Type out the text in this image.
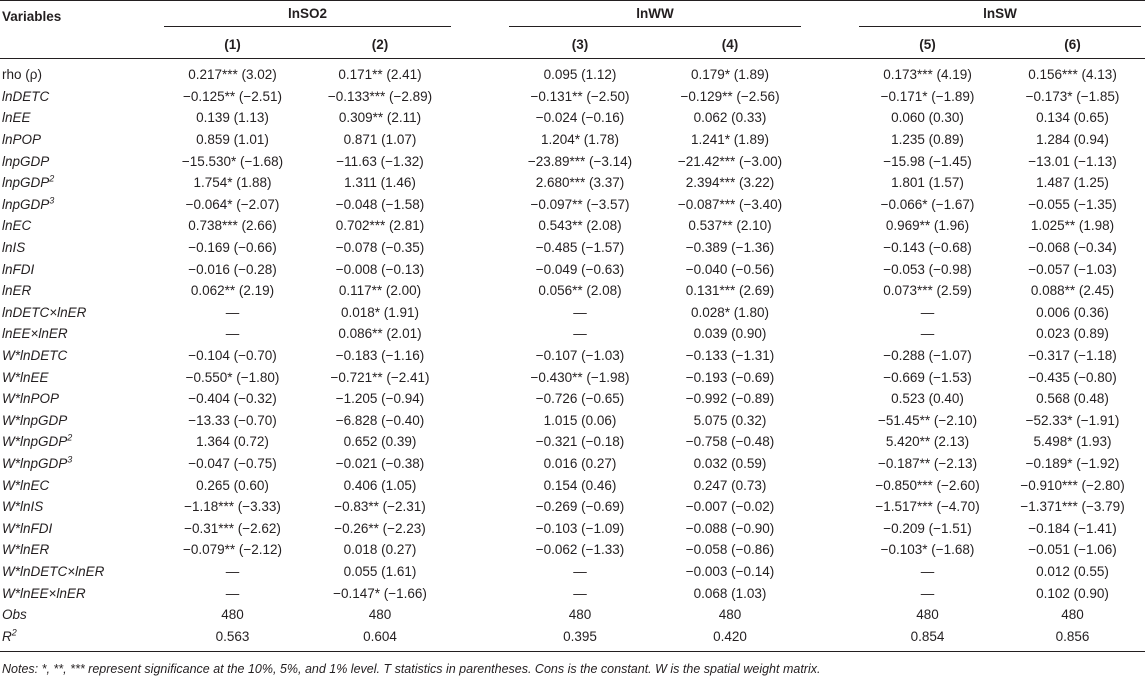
Variables	lnSO2			lnWW			lnSW	

	(1)	(2)		(3)	(4)		(5)	(6)
rho (ρ)	0.217*** (3.02)	0.171** (2.41)		0.095 (1.12)	0.179* (1.89)		0.173*** (4.19)	0.156*** (4.13)
lnDETC	−0.125** (−2.51)	−0.133*** (−2.89)		−0.131** (−2.50)	−0.129** (−2.56)		−0.171* (−1.89)	−0.173* (−1.85)
lnEE	0.139 (1.13)	0.309** (2.11)		−0.024 (−0.16)	0.062 (0.33)		0.060 (0.30)	0.134 (0.65)
lnPOP	0.859 (1.01)	0.871 (1.07)		1.204* (1.78)	1.241* (1.89)		1.235 (0.89)	1.284 (0.94)
lnpGDP	−15.530* (−1.68)	−11.63 (−1.32)		−23.89*** (−3.14)	−21.42*** (−3.00)		−15.98 (−1.45)	−13.01 (−1.13)
lnpGDP$^2$	1.754* (1.88)	1.311 (1.46)		2.680*** (3.37)	2.394*** (3.22)		1.801 (1.57)	1.487 (1.25)
lnpGDP$^3$	−0.064* (−2.07)	−0.048 (−1.58)		−0.097** (−3.57)	−0.087*** (−3.40)		−0.066* (−1.67)	−0.055 (−1.35)
lnEC	0.738*** (2.66)	0.702*** (2.81)		0.543** (2.08)	0.537** (2.10)		0.969** (1.96)	1.025** (1.98)
lnIS	−0.169 (−0.66)	−0.078 (−0.35)		−0.485 (−1.57)	−0.389 (−1.36)		−0.143 (−0.68)	−0.068 (−0.34)
lnFDI	−0.016 (−0.28)	−0.008 (−0.13)		−0.049 (−0.63)	−0.040 (−0.56)		−0.053 (−0.98)	−0.057 (−1.03)
lnER	0.062** (2.19)	0.117** (2.00)		0.056** (2.08)	0.131*** (2.69)		0.073*** (2.59)	0.088** (2.45)
lnDETC×lnER	—	0.018* (1.91)		—	0.028* (1.80)		—	0.006 (0.36)
lnEE×lnER	—	0.086** (2.01)		—	0.039 (0.90)		—	0.023 (0.89)
W*lnDETC	−0.104 (−0.70)	−0.183 (−1.16)		−0.107 (−1.03)	−0.133 (−1.31)		−0.288 (−1.07)	−0.317 (−1.18)
W*lnEE	−0.550* (−1.80)	−0.721** (−2.41)		−0.430** (−1.98)	−0.193 (−0.69)		−0.669 (−1.53)	−0.435 (−0.80)
W*lnPOP	−0.404 (−0.32)	−1.205 (−0.94)		−0.726 (−0.65)	−0.992 (−0.89)		0.523 (0.40)	0.568 (0.48)
W*lnpGDP	−13.33 (−0.70)	−6.828 (−0.40)		1.015 (0.06)	5.075 (0.32)		−51.45** (−2.10)	−52.33* (−1.91)
W*lnpGDP$^2$	1.364 (0.72)	0.652 (0.39)		−0.321 (−0.18)	−0.758 (−0.48)		5.420** (2.13)	5.498* (1.93)
W*lnpGDP$^3$	−0.047 (−0.75)	−0.021 (−0.38)		0.016 (0.27)	0.032 (0.59)		−0.187** (−2.13)	−0.189* (−1.92)
W*lnEC	0.265 (0.60)	0.406 (1.05)		0.154 (0.46)	0.247 (0.73)		−0.850*** (−2.60)	−0.910*** (−2.80)
W*lnIS	−1.18*** (−3.33)	−0.83** (−2.31)		−0.269 (−0.69)	−0.007 (−0.02)		−1.517*** (−4.70)	−1.371*** (−3.79)
W*lnFDI	−0.31*** (−2.62)	−0.26** (−2.23)		−0.103 (−1.09)	−0.088 (−0.90)		−0.209 (−1.51)	−0.184 (−1.41)
W*lnER	−0.079** (−2.12)	0.018 (0.27)		−0.062 (−1.33)	−0.058 (−0.86)		−0.103* (−1.68)	−0.051 (−1.06)
W*lnDETC×lnER	—	0.055 (1.61)		—	−0.003 (−0.14)		—	0.012 (0.55)
W*lnEE×lnER	—	−0.147* (−1.66)		—	0.068 (1.03)		—	0.102 (0.90)
Obs	480	480		480	480		480	480
$R^2$	0.563	0.604		0.395	0.420		0.854	0.856
Notes: *, **, *** represent significance at the 10%, 5%, and 1% level. T statistics in parentheses. Cons is the constant. W is the spatial weight matrix.
